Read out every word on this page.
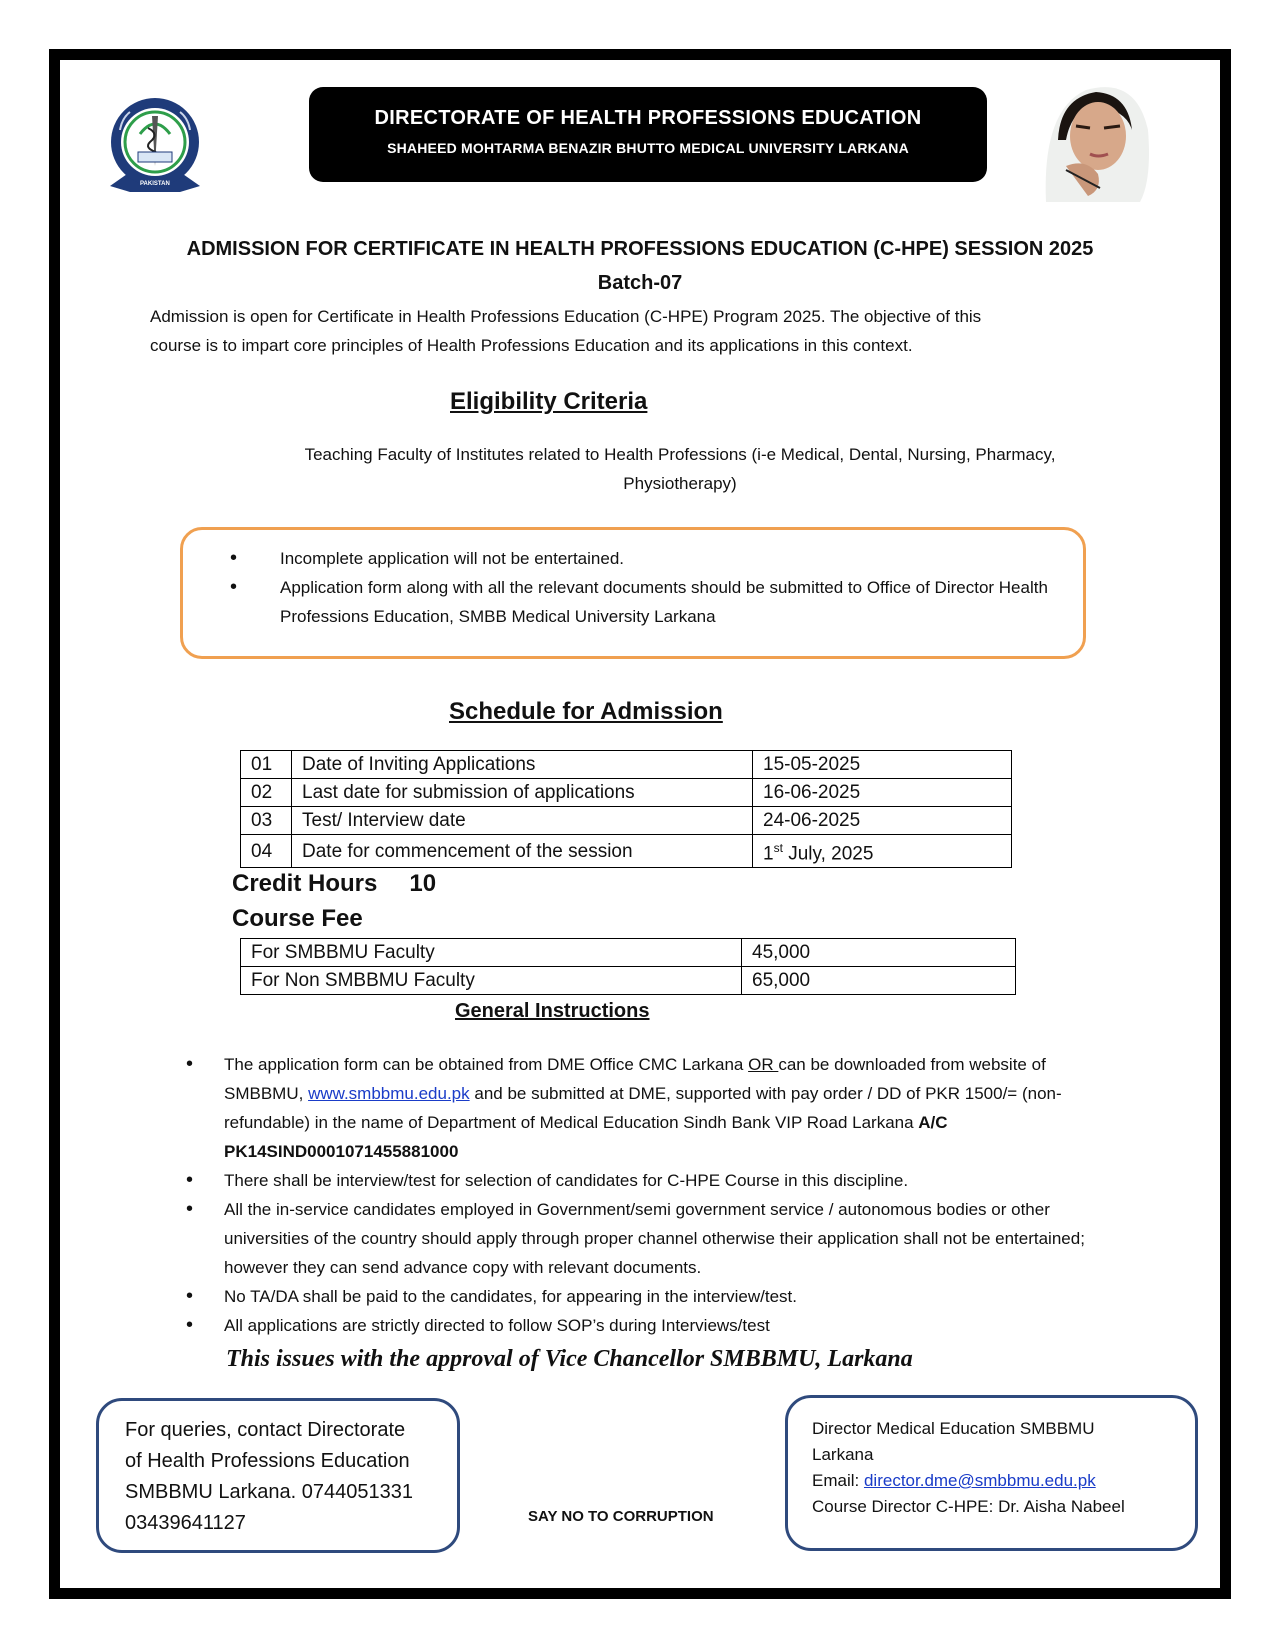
PAKISTAN
DIRECTORATE OF HEALTH PROFESSIONS EDUCATION
SHAHEED MOHTARMA BENAZIR BHUTTO MEDICAL UNIVERSITY LARKANA
ADMISSION FOR CERTIFICATE IN HEALTH PROFESSIONS EDUCATION (C-HPE) SESSION 2025
Batch-07
Admission is open for Certificate in Health Professions Education (C-HPE) Program 2025. The objective of this
course is to impart core principles of Health Professions Education and its applications in this context.
Eligibility Criteria
Teaching Faculty of Institutes related to Health Professions (i-e Medical, Dental, Nursing, Pharmacy,
Physiotherapy)
• Incomplete application will not be entertained.
• Application form along with all the relevant documents should be submitted to Office of Director Health Professions Education, SMBB Medical University Larkana
Schedule for Admission
01	Date of Inviting Applications	15-05-2025
02	Last date for submission of applications	16-06-2025
03	Test/ Interview date	24-06-2025
04	Date for commencement of the session	1st July, 2025
Credit Hours 10
Course Fee
For SMBBMU Faculty	45,000
For Non SMBBMU Faculty	65,000
General Instructions
• The application form can be obtained from DME Office CMC Larkana OR can be downloaded from website of SMBBMU, www.smbbmu.edu.pk and be submitted at DME, supported with pay order / DD of PKR 1500/= (non-refundable) in the name of Department of Medical Education Sindh Bank VIP Road Larkana A/C PK14SIND0001071455881000
• There shall be interview/test for selection of candidates for C-HPE Course in this discipline.
• All the in-service candidates employed in Government/semi government service / autonomous bodies or other universities of the country should apply through proper channel otherwise their application shall not be entertained; however they can send advance copy with relevant documents.
• No TA/DA shall be paid to the candidates, for appearing in the interview/test.
• All applications are strictly directed to follow SOP’s during Interviews/test
This issues with the approval of Vice Chancellor SMBBMU, Larkana
For queries, contact Directorate
of Health Professions Education
SMBBMU Larkana. 0744051331
03439641127	SAY NO TO CORRUPTION
Director Medical Education SMBBMU
Larkana
Email: director.dme@smbbmu.edu.pk
Course Director C-HPE: Dr. Aisha Nabeel
